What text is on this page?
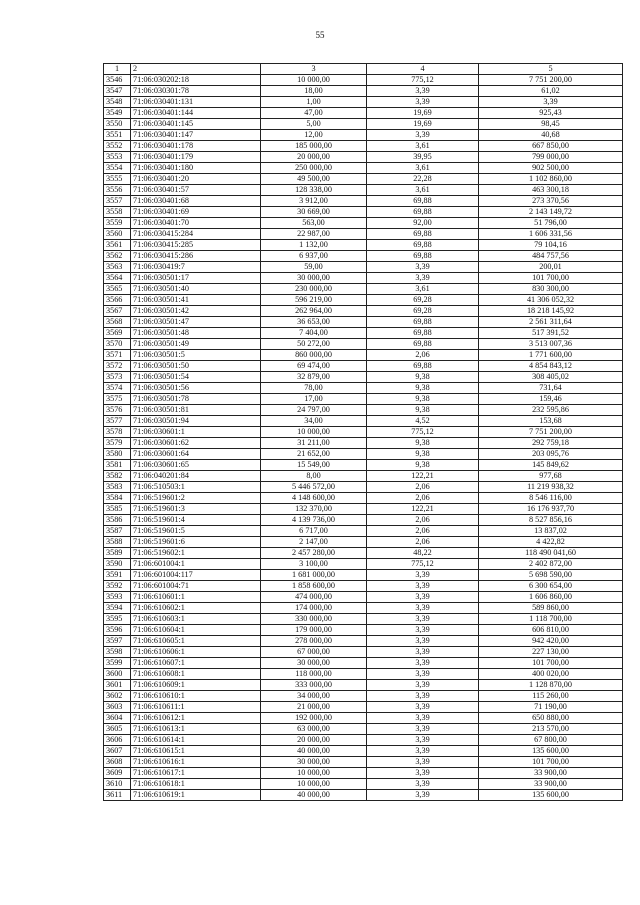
55
1	2	3	4	5
3546	71:06:030202:18	10 000,00	775,12	7 751 200,00
3547	71:06:030301:78	18,00	3,39	61,02
3548	71:06:030401:131	1,00	3,39	3,39
3549	71:06:030401:144	47,00	19,69	925,43
3550	71:06:030401:145	5,00	19,69	98,45
3551	71:06:030401:147	12,00	3,39	40,68
3552	71:06:030401:178	185 000,00	3,61	667 850,00
3553	71:06:030401:179	20 000,00	39,95	799 000,00
3554	71:06:030401:180	250 000,00	3,61	902 500,00
3555	71:06:030401:20	49 500,00	22,28	1 102 860,00
3556	71:06:030401:57	128 338,00	3,61	463 300,18
3557	71:06:030401:68	3 912,00	69,88	273 370,56
3558	71:06:030401:69	30 669,00	69,88	2 143 149,72
3559	71:06:030401:70	563,00	92,00	51 796,00
3560	71:06:030415:284	22 987,00	69,88	1 606 331,56
3561	71:06:030415:285	1 132,00	69,88	79 104,16
3562	71:06:030415:286	6 937,00	69,88	484 757,56
3563	71:06:030419:7	59,00	3,39	200,01
3564	71:06:030501:17	30 000,00	3,39	101 700,00
3565	71:06:030501:40	230 000,00	3,61	830 300,00
3566	71:06:030501:41	596 219,00	69,28	41 306 052,32
3567	71:06:030501:42	262 964,00	69,28	18 218 145,92
3568	71:06:030501:47	36 653,00	69,88	2 561 311,64
3569	71:06:030501:48	7 404,00	69,88	517 391,52
3570	71:06:030501:49	50 272,00	69,88	3 513 007,36
3571	71:06:030501:5	860 000,00	2,06	1 771 600,00
3572	71:06:030501:50	69 474,00	69,88	4 854 843,12
3573	71:06:030501:54	32 879,00	9,38	308 405,02
3574	71:06:030501:56	78,00	9,38	731,64
3575	71:06:030501:78	17,00	9,38	159,46
3576	71:06:030501:81	24 797,00	9,38	232 595,86
3577	71:06:030501:94	34,00	4,52	153,68
3578	71:06:030601:1	10 000,00	775,12	7 751 200,00
3579	71:06:030601:62	31 211,00	9,38	292 759,18
3580	71:06:030601:64	21 652,00	9,38	203 095,76
3581	71:06:030601:65	15 549,00	9,38	145 849,62
3582	71:06:040201:84	8,00	122,21	977,68
3583	71:06:510503:1	5 446 572,00	2,06	11 219 938,32
3584	71:06:519601:2	4 148 600,00	2,06	8 546 116,00
3585	71:06:519601:3	132 370,00	122,21	16 176 937,70
3586	71:06:519601:4	4 139 736,00	2,06	8 527 856,16
3587	71:06:519601:5	6 717,00	2,06	13 837,02
3588	71:06:519601:6	2 147,00	2,06	4 422,82
3589	71:06:519602:1	2 457 280,00	48,22	118 490 041,60
3590	71:06:601004:1	3 100,00	775,12	2 402 872,00
3591	71:06:601004:117	1 681 000,00	3,39	5 698 590,00
3592	71:06:601004:71	1 858 600,00	3,39	6 300 654,00
3593	71:06:610601:1	474 000,00	3,39	1 606 860,00
3594	71:06:610602:1	174 000,00	3,39	589 860,00
3595	71:06:610603:1	330 000,00	3,39	1 118 700,00
3596	71:06:610604:1	179 000,00	3,39	606 810,00
3597	71:06:610605:1	278 000,00	3,39	942 420,00
3598	71:06:610606:1	67 000,00	3,39	227 130,00
3599	71:06:610607:1	30 000,00	3,39	101 700,00
3600	71:06:610608:1	118 000,00	3,39	400 020,00
3601	71:06:610609:1	333 000,00	3,39	1 128 870,00
3602	71:06:610610:1	34 000,00	3,39	115 260,00
3603	71:06:610611:1	21 000,00	3,39	71 190,00
3604	71:06:610612:1	192 000,00	3,39	650 880,00
3605	71:06:610613:1	63 000,00	3,39	213 570,00
3606	71:06:610614:1	20 000,00	3,39	67 800,00
3607	71:06:610615:1	40 000,00	3,39	135 600,00
3608	71:06:610616:1	30 000,00	3,39	101 700,00
3609	71:06:610617:1	10 000,00	3,39	33 900,00
3610	71:06:610618:1	10 000,00	3,39	33 900,00
3611	71:06:610619:1	40 000,00	3,39	135 600,00
